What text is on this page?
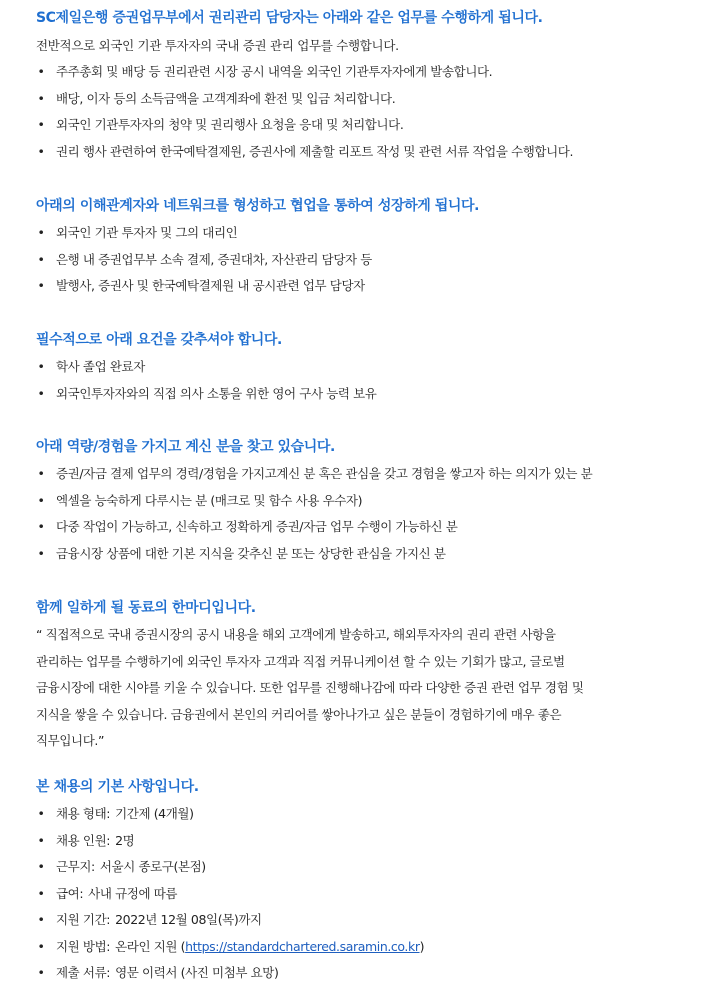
SC제일은행 증권업무부에서 권리관리 담당자는 아래와 같은 업무를 수행하게 됩니다.
전반적으로 외국인 기관 투자자의 국내 증권 관리 업무를 수행합니다.
• 주주총회 및 배당 등 권리관련 시장 공시 내역을 외국인 기관투자자에게 발송합니다.
• 배당, 이자 등의 소득금액을 고객계좌에 환전 및 입금 처리합니다.
• 외국인 기관투자자의 청약 및 권리행사 요청을 응대 및 처리합니다.
• 권리 행사 관련하여 한국예탁결제원, 증권사에 제출할 리포트 작성 및 관련 서류 작업을 수행합니다.
아래의 이해관계자와 네트워크를 형성하고 협업을 통하여 성장하게 됩니다.
• 외국인 기관 투자자 및 그의 대리인
• 은행 내 증권업무부 소속 결제, 증권대차, 자산관리 담당자 등
• 발행사, 증권사 및 한국예탁결제원 내 공시관련 업무 담당자
필수적으로 아래 요건을 갖추셔야 합니다.
• 학사 졸업 완료자
• 외국인투자자와의 직접 의사 소통을 위한 영어 구사 능력 보유
아래 역량/경험을 가지고 계신 분을 찾고 있습니다.
• 증권/자금 결제 업무의 경력/경험을 가지고계신 분 혹은 관심을 갖고 경험을 쌓고자 하는 의지가 있는 분
• 엑셀을 능숙하게 다루시는 분 (매크로 및 함수 사용 우수자)
• 다중 작업이 가능하고, 신속하고 정확하게 증권/자금 업무 수행이 가능하신 분
• 금융시장 상품에 대한 기본 지식을 갖추신 분 또는 상당한 관심을 가지신 분
함께 일하게 될 동료의 한마디입니다.
“ 직접적으로 국내 증권시장의 공시 내용을 해외 고객에게 발송하고, 해외투자자의 권리 관련 사항을
관리하는 업무를 수행하기에 외국인 투자자 고객과 직접 커뮤니케이션 할 수 있는 기회가 많고, 글로벌
금융시장에 대한 시야를 키울 수 있습니다. 또한 업무를 진행해나감에 따라 다양한 증권 관련 업무 경험 및
지식을 쌓을 수 있습니다. 금융권에서 본인의 커리어를 쌓아나가고 싶은 분들이 경험하기에 매우 좋은
직무입니다.”
본 채용의 기본 사항입니다.
• 채용 형태: 기간제 (4개월)
• 채용 인원: 2명
• 근무지: 서울시 종로구(본점)
• 급여: 사내 규정에 따름
• 지원 기간: 2022년 12월 08일(목)까지
• 지원 방법: 온라인 지원 (https://standardchartered.saramin.co.kr)
• 제출 서류: 영문 이력서 (사진 미첨부 요망)
